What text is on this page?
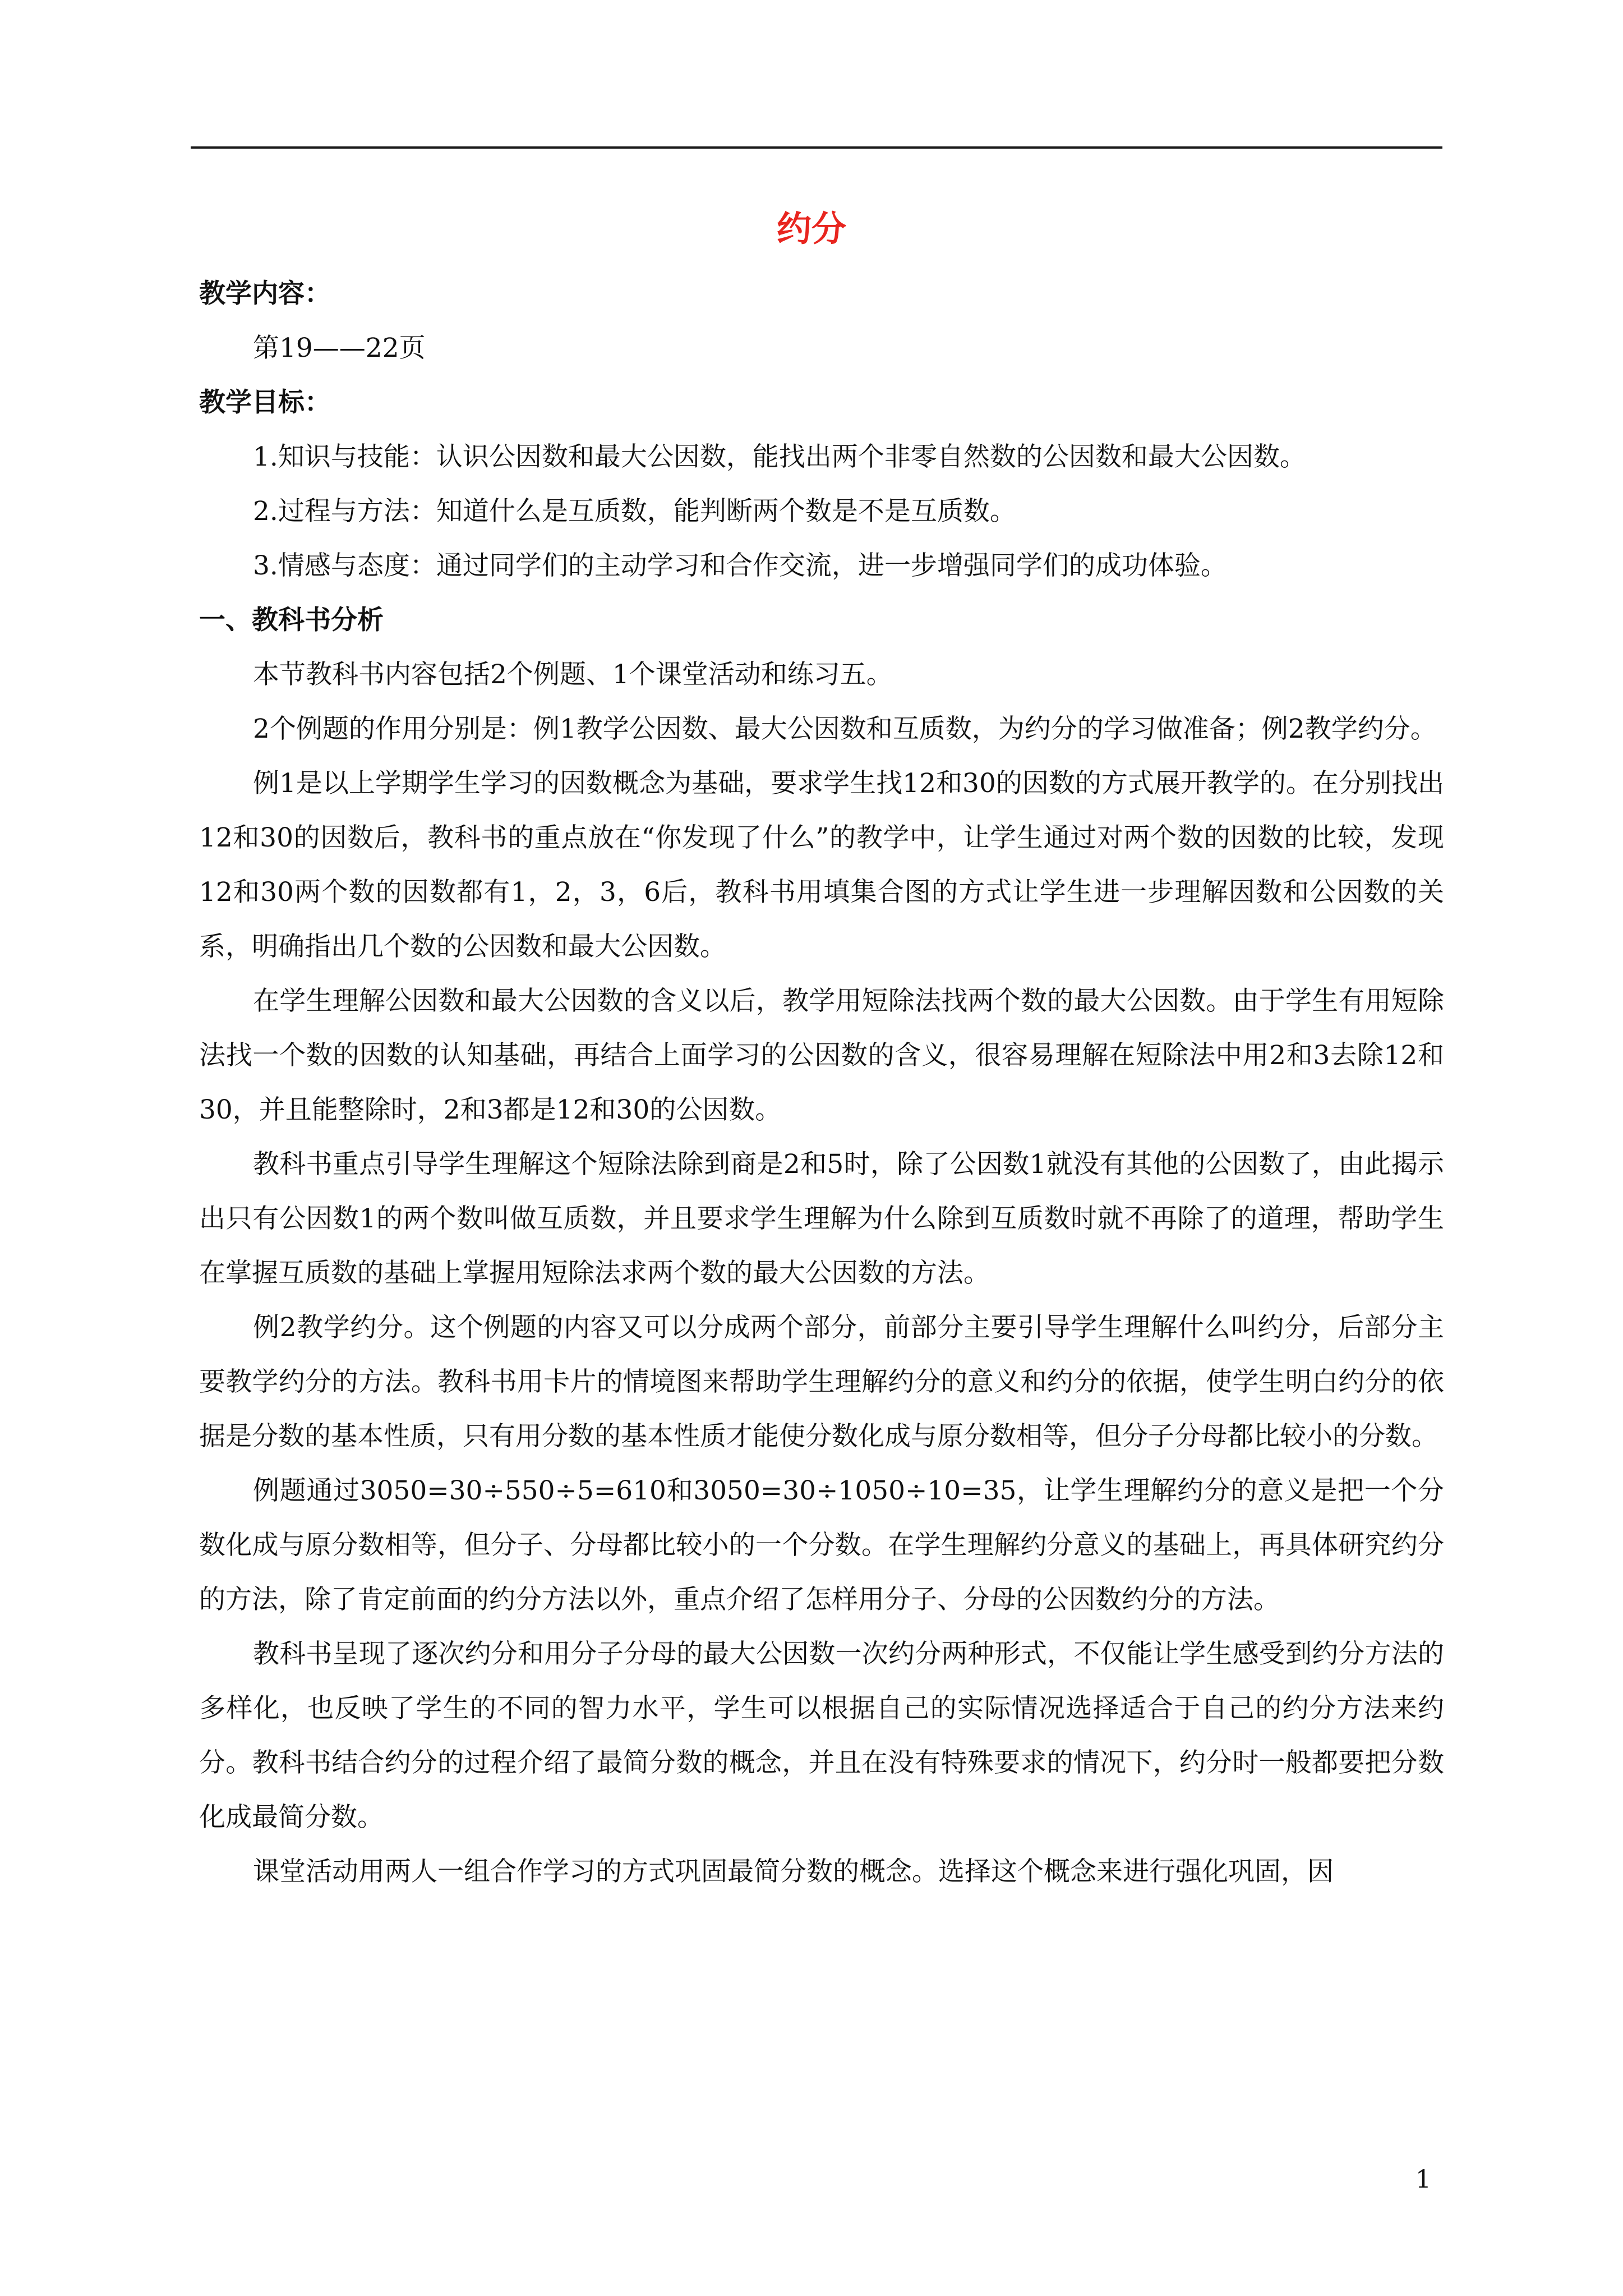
约分

教学内容：

第19——22页

教学目标：

1.知识与技能：认识公因数和最大公因数，能找出两个非零自然数的公因数和最大公因数。

2.过程与方法：知道什么是互质数，能判断两个数是不是互质数。

3.情感与态度：通过同学们的主动学习和合作交流，进一步增强同学们的成功体验。

一、教科书分析

本节教科书内容包括2个例题、1个课堂活动和练习五。

2个例题的作用分别是：例1教学公因数、最大公因数和互质数，为约分的学习做准备；例2教学约分。

例1是以上学期学生学习的因数概念为基础，要求学生找12和30的因数的方式展开教学的。在分别找出12和30的因数后，教科书的重点放在“你发现了什么”的教学中，让学生通过对两个数的因数的比较，发现12和30两个数的因数都有1，2，3，6后，教科书用填集合图的方式让学生进一步理解因数和公因数的关系，明确指出几个数的公因数和最大公因数。

在学生理解公因数和最大公因数的含义以后，教学用短除法找两个数的最大公因数。由于学生有用短除法找一个数的因数的认知基础，再结合上面学习的公因数的含义，很容易理解在短除法中用2和3去除12和30，并且能整除时，2和3都是12和30的公因数。

教科书重点引导学生理解这个短除法除到商是2和5时，除了公因数1就没有其他的公因数了，由此揭示出只有公因数1的两个数叫做互质数，并且要求学生理解为什么除到互质数时就不再除了的道理，帮助学生在掌握互质数的基础上掌握用短除法求两个数的最大公因数的方法。

例2教学约分。这个例题的内容又可以分成两个部分，前部分主要引导学生理解什么叫约分，后部分主要教学约分的方法。教科书用卡片的情境图来帮助学生理解约分的意义和约分的依据，使学生明白约分的依据是分数的基本性质，只有用分数的基本性质才能使分数化成与原分数相等，但分子分母都比较小的分数。

例题通过3050=30÷550÷5=610和3050=30÷1050÷10=35，让学生理解约分的意义是把一个分数化成与原分数相等，但分子、分母都比较小的一个分数。在学生理解约分意义的基础上，再具体研究约分的方法，除了肯定前面的约分方法以外，重点介绍了怎样用分子、分母的公因数约分的方法。

教科书呈现了逐次约分和用分子分母的最大公因数一次约分两种形式，不仅能让学生感受到约分方法的多样化，也反映了学生的不同的智力水平，学生可以根据自己的实际情况选择适合于自己的约分方法来约分。教科书结合约分的过程介绍了最简分数的概念，并且在没有特殊要求的情况下，约分时一般都要把分数化成最简分数。

课堂活动用两人一组合作学习的方式巩固最简分数的概念。选择这个概念来进行强化巩固，因

1
